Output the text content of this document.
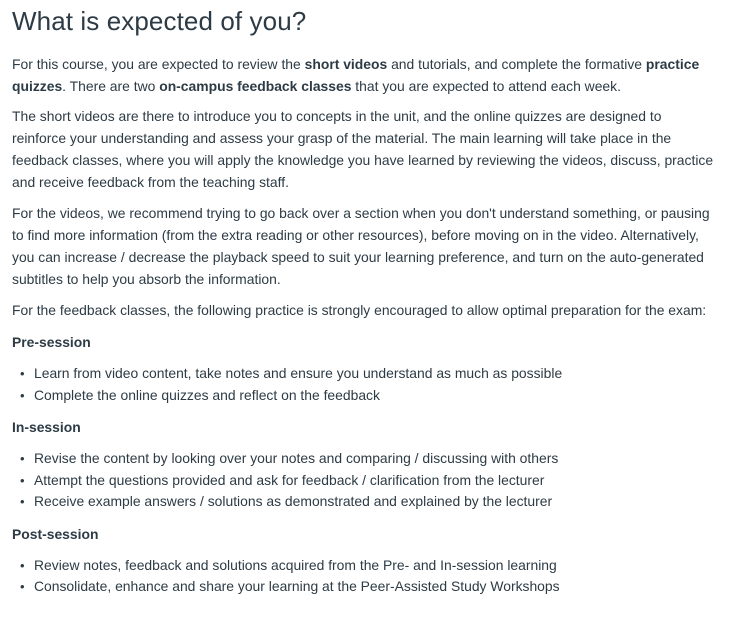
What is expected of you?

For this course, you are expected to review the short videos and tutorials, and complete the formative practice quizzes. There are two on-campus feedback classes that you are expected to attend each week.

The short videos are there to introduce you to concepts in the unit, and the online quizzes are designed to reinforce your understanding and assess your grasp of the material. The main learning will take place in the feedback classes, where you will apply the knowledge you have learned by reviewing the videos, discuss, practice and receive feedback from the teaching staff.

For the videos, we recommend trying to go back over a section when you don't understand something, or pausing to find more information (from the extra reading or other resources), before moving on in the video. Alternatively, you can increase / decrease the playback speed to suit your learning preference, and turn on the auto-generated subtitles to help you absorb the information.

For the feedback classes, the following practice is strongly encouraged to allow optimal preparation for the exam:

Pre-session
• Learn from video content, take notes and ensure you understand as much as possible
• Complete the online quizzes and reflect on the feedback
In-session
• Revise the content by looking over your notes and comparing / discussing with others
• Attempt the questions provided and ask for feedback / clarification from the lecturer
• Receive example answers / solutions as demonstrated and explained by the lecturer
Post-session
• Review notes, feedback and solutions acquired from the Pre- and In-session learning
• Consolidate, enhance and share your learning at the Peer-Assisted Study Workshops
